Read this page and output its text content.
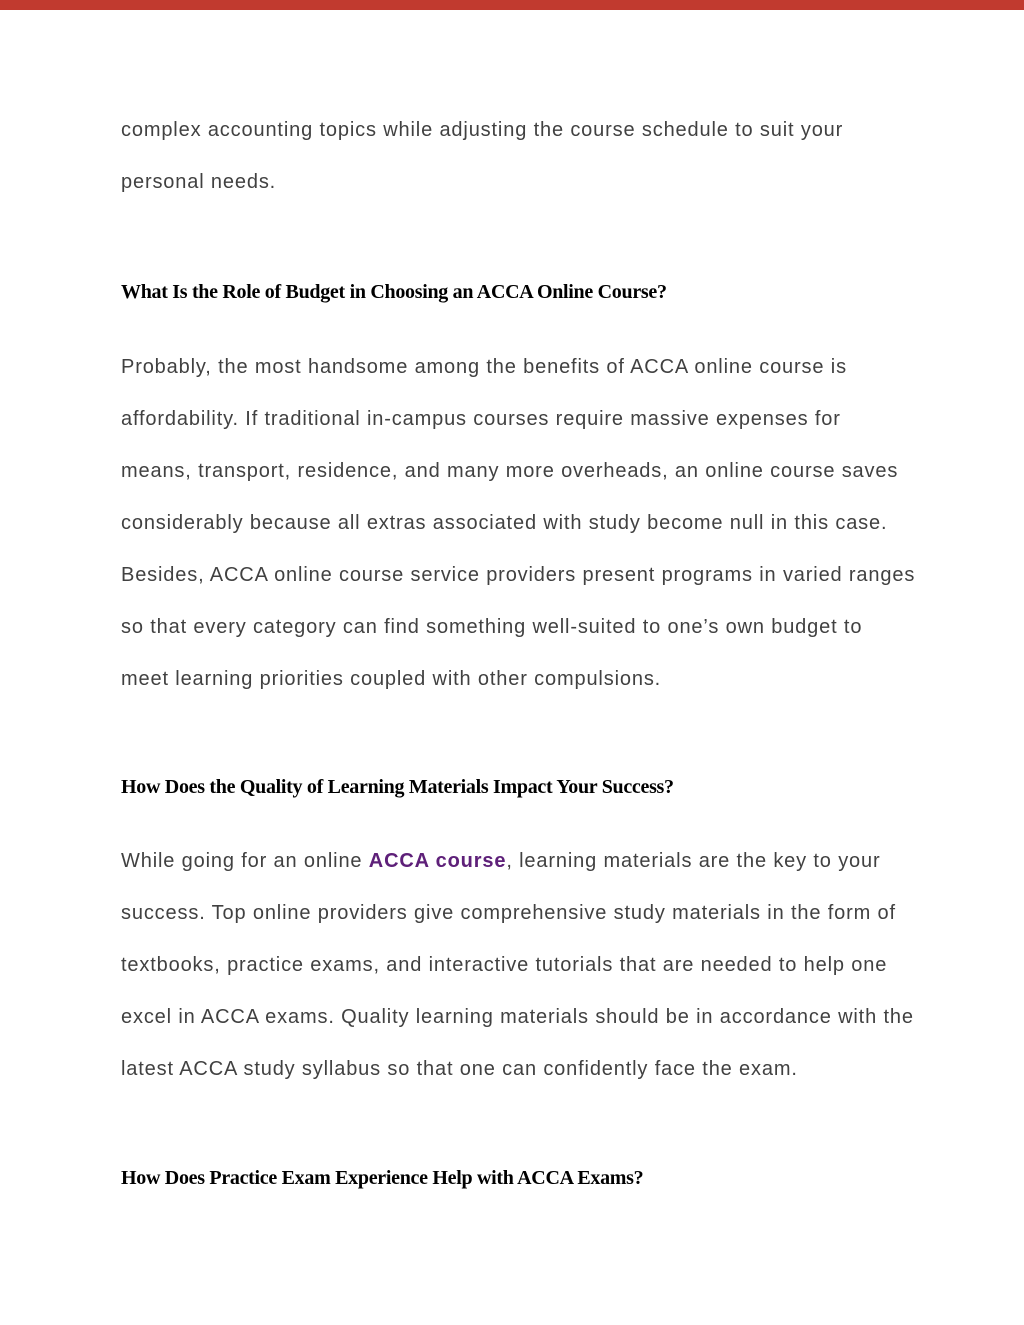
complex accounting topics while adjusting the course schedule to suit your
personal needs.
What Is the Role of Budget in Choosing an ACCA Online Course?
Probably, the most handsome among the benefits of ACCA online course is
affordability. If traditional in-campus courses require massive expenses for
means, transport, residence, and many more overheads, an online course saves
considerably because all extras associated with study become null in this case.
Besides, ACCA online course service providers present programs in varied ranges
so that every category can find something well-suited to one’s own budget to
meet learning priorities coupled with other compulsions.
How Does the Quality of Learning Materials Impact Your Success?
While going for an online ACCA course, learning materials are the key to your
success. Top online providers give comprehensive study materials in the form of
textbooks, practice exams, and interactive tutorials that are needed to help one
excel in ACCA exams. Quality learning materials should be in accordance with the
latest ACCA study syllabus so that one can confidently face the exam.
How Does Practice Exam Experience Help with ACCA Exams?
